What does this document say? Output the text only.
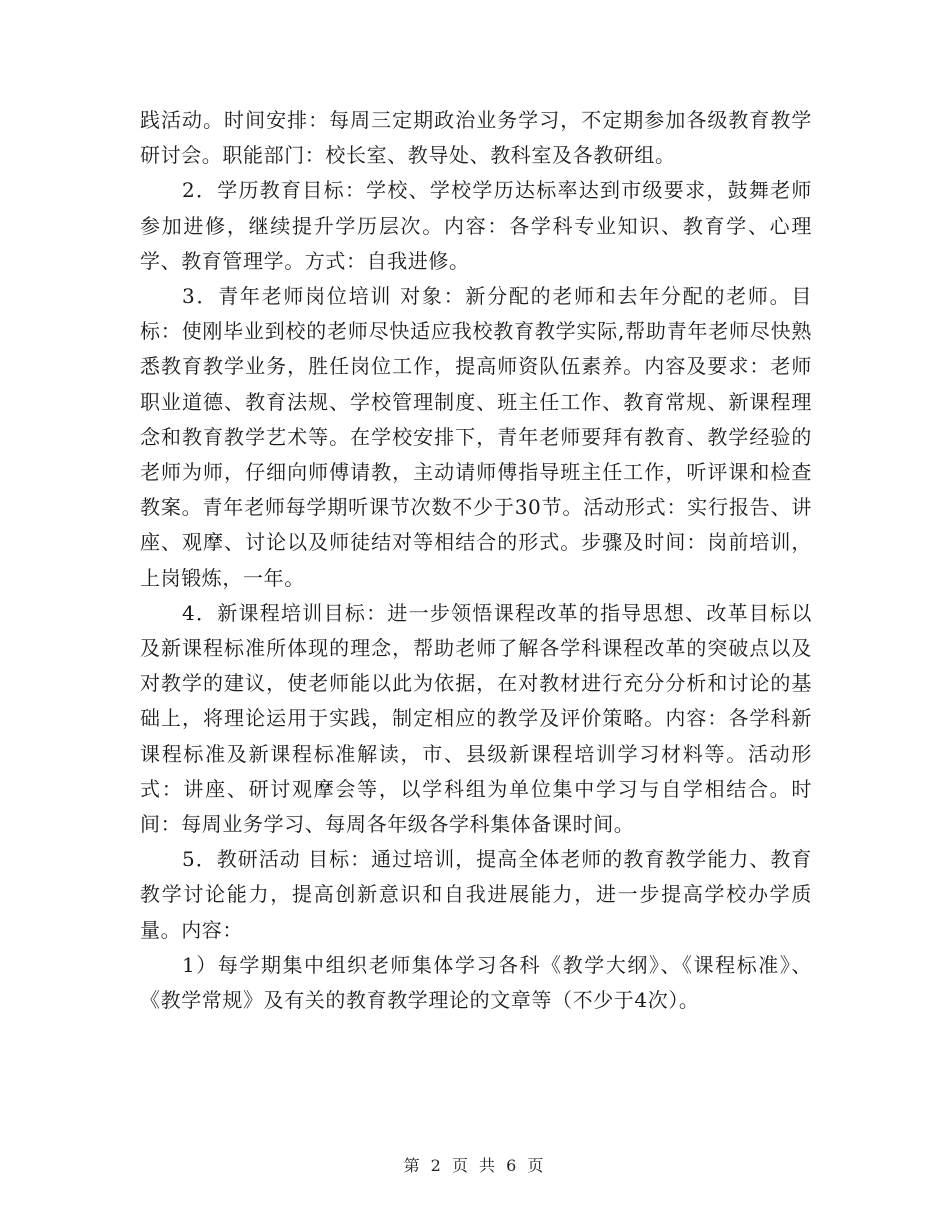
践活动。时间安排：每周三定期政治业务学习，不定期参加各级教育教学研讨会。职能部门：校长室、教导处、教科室及各教研组。

2．学历教育目标：学校、学校学历达标率达到市级要求，鼓舞老师参加进修，继续提升学历层次。内容：各学科专业知识、教育学、心理学、教育管理学。方式：自我进修。

3．青年老师岗位培训 对象：新分配的老师和去年分配的老师。目标：使刚毕业到校的老师尽快适应我校教育教学实际,帮助青年老师尽快熟悉教育教学业务，胜任岗位工作，提高师资队伍素养。内容及要求：老师职业道德、教育法规、学校管理制度、班主任工作、教育常规、新课程理念和教育教学艺术等。在学校安排下，青年老师要拜有教育、教学经验的老师为师，仔细向师傅请教，主动请师傅指导班主任工作，听评课和检查教案。青年老师每学期听课节次数不少于30节。活动形式：实行报告、讲座、观摩、讨论以及师徒结对等相结合的形式。步骤及时间：岗前培训，上岗锻炼，一年。

4．新课程培训目标：进一步领悟课程改革的指导思想、改革目标以及新课程标准所体现的理念，帮助老师了解各学科课程改革的突破点以及对教学的建议，使老师能以此为依据，在对教材进行充分分析和讨论的基础上，将理论运用于实践，制定相应的教学及评价策略。内容：各学科新课程标准及新课程标准解读，市、县级新课程培训学习材料等。活动形式：讲座、研讨观摩会等，以学科组为单位集中学习与自学相结合。时间：每周业务学习、每周各年级各学科集体备课时间。

5．教研活动 目标：通过培训，提高全体老师的教育教学能力、教育教学讨论能力，提高创新意识和自我进展能力，进一步提高学校办学质量。内容：

1）每学期集中组织老师集体学习各科《教学大纲》、《课程标准》、《教学常规》及有关的教育教学理论的文章等（不少于4次）。

第 2 页 共 6 页
